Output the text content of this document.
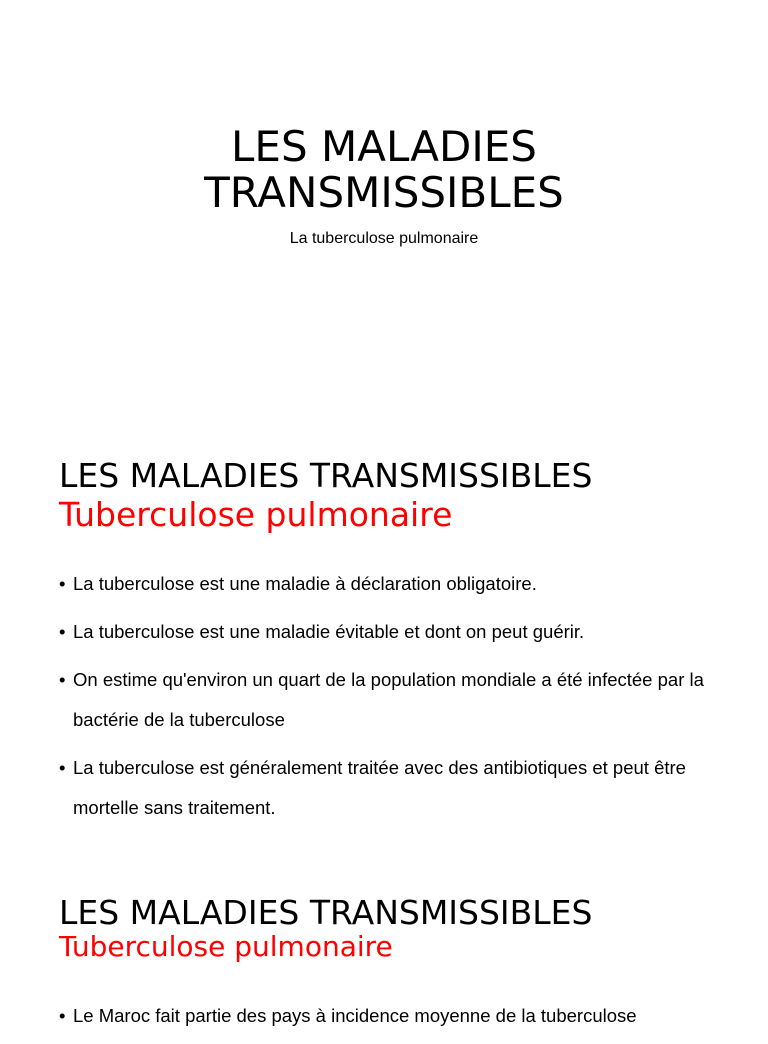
LES MALADIES
TRANSMISSIBLES
La tuberculose pulmonaire
LES MALADIES TRANSMISSIBLES
Tuberculose pulmonaire
• La tuberculose est une maladie à déclaration obligatoire.
• La tuberculose est une maladie évitable et dont on peut guérir.
• On estime qu'environ un quart de la population mondiale a été infectée par la bactérie de la tuberculose
• La tuberculose est généralement traitée avec des antibiotiques et peut être mortelle sans traitement.
LES MALADIES TRANSMISSIBLES
Tuberculose pulmonaire
• Le Maroc fait partie des pays à incidence moyenne de la tuberculose
